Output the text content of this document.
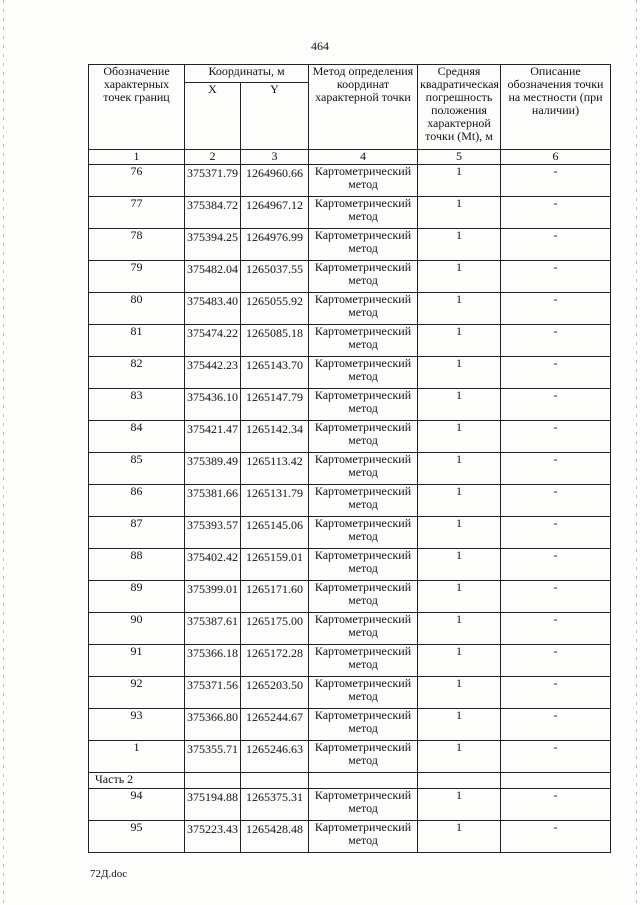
464
Обозначение характерных точек границ	Координаты, м		Метод определения координат характерной точки	Средняя квадратическая погрешность положения характерной точки (Mt), м	Описание обозначения точки на местности (при наличии)
	X	Y			
1	2	3	4	5	6
76	375371.79	1264960.66	Картометрический метод	1	-
77	375384.72	1264967.12	Картометрический метод	1	-
78	375394.25	1264976.99	Картометрический метод	1	-
79	375482.04	1265037.55	Картометрический метод	1	-
80	375483.40	1265055.92	Картометрический метод	1	-
81	375474.22	1265085.18	Картометрический метод	1	-
82	375442.23	1265143.70	Картометрический метод	1	-
83	375436.10	1265147.79	Картометрический метод	1	-
84	375421.47	1265142.34	Картометрический метод	1	-
85	375389.49	1265113.42	Картометрический метод	1	-
86	375381.66	1265131.79	Картометрический метод	1	-
87	375393.57	1265145.06	Картометрический метод	1	-
88	375402.42	1265159.01	Картометрический метод	1	-
89	375399.01	1265171.60	Картометрический метод	1	-
90	375387.61	1265175.00	Картометрический метод	1	-
91	375366.18	1265172.28	Картометрический метод	1	-
92	375371.56	1265203.50	Картометрический метод	1	-
93	375366.80	1265244.67	Картометрический метод	1	-
1	375355.71	1265246.63	Картометрический метод	1	-
Часть 2					
94	375194.88	1265375.31	Картометрический метод	1	-
95	375223.43	1265428.48	Картометрический метод	1	-
72Д.doc
